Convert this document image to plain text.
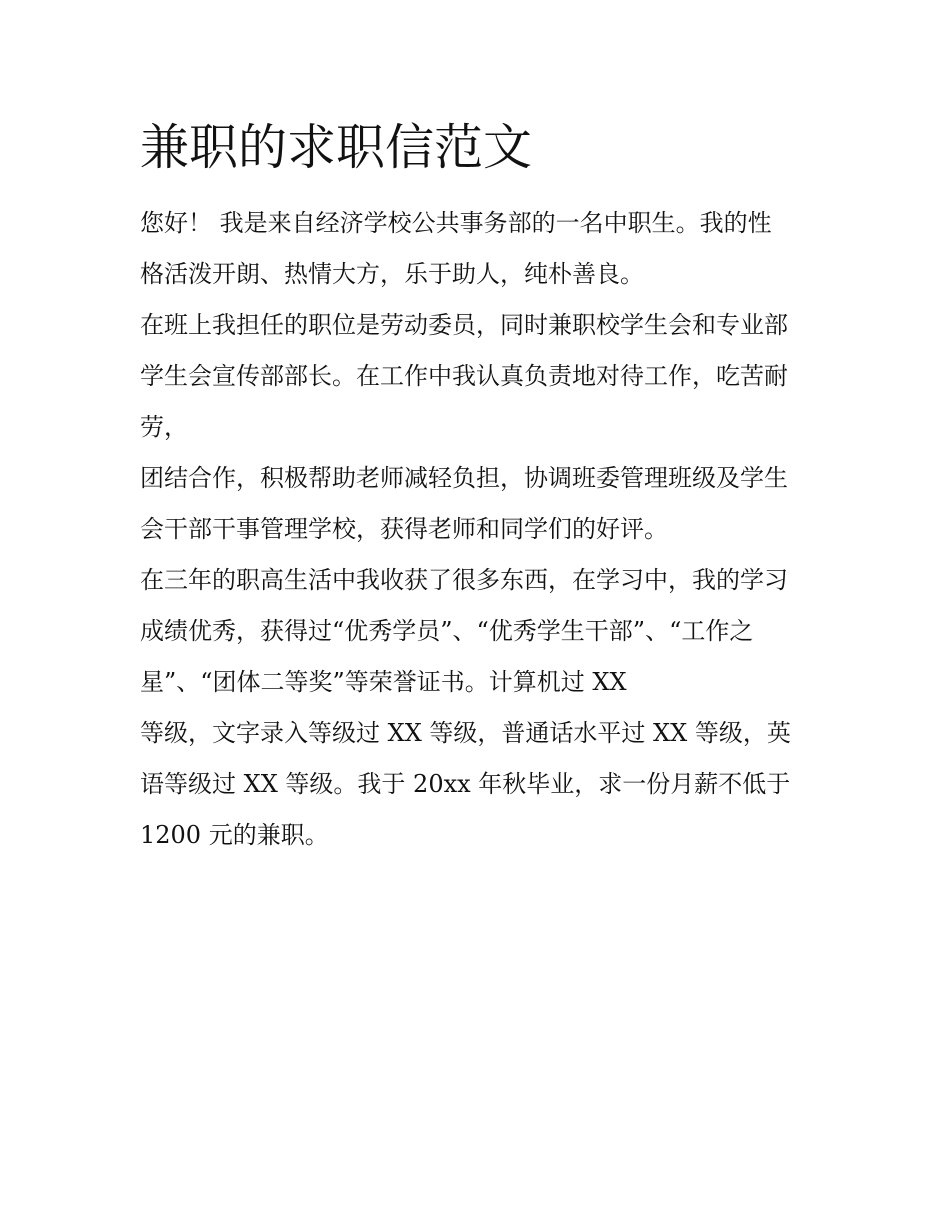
兼职的求职信范文
您好！ 我是来自经济学校公共事务部的一名中职生。我的性
格活泼开朗、热情大方，乐于助人，纯朴善良。
在班上我担任的职位是劳动委员，同时兼职校学生会和专业部
学生会宣传部部长。在工作中我认真负责地对待工作，吃苦耐
劳，
团结合作，积极帮助老师减轻负担，协调班委管理班级及学生
会干部干事管理学校，获得老师和同学们的好评。
在三年的职高生活中我收获了很多东西，在学习中，我的学习
成绩优秀，获得过“优秀学员”、“优秀学生干部”、“工作之
星”、“团体二等奖”等荣誉证书。计算机过 XX
等级，文字录入等级过 XX 等级，普通话水平过 XX 等级，英
语等级过 XX 等级。我于 20xx 年秋毕业，求一份月薪不低于
1200 元的兼职。
